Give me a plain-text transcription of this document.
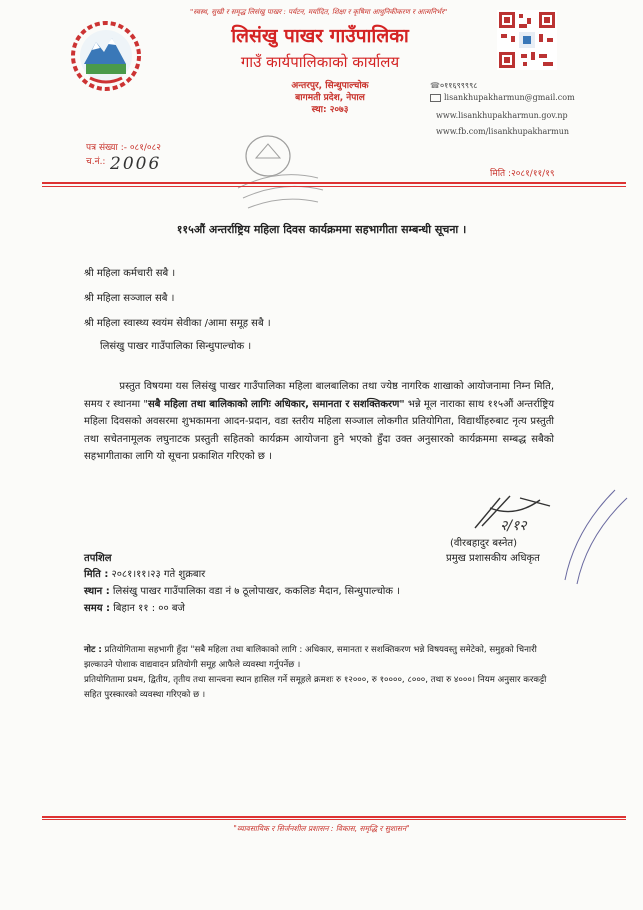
"स्वस्थ, सुखी र समृद्ध लिसंखु पाखर : पर्यटन, मर्यादित, शिक्षा र कृषिमा आधुनिकीकरण र आत्मनिर्भर"
लिसंखु पाखर गाउँपालिका
गाउँ कार्यपालिकाको कार्यालय
अन्तरपुर, सिन्धुपाल्चोक
बागमती प्रदेश, नेपाल
स्था: २०७३
☎०११६९९९९८
lisankhupakharmun@gmail.com
www.lisankhupakharmun.gov.np
www.fb.com/lisankhupakharmun
पत्र संख्या :- ०८१/०८२
च.नं.: 2006	मिति :२०८१/११/१९
११५औं अन्तर्राष्ट्रिय महिला दिवस कार्यक्रममा सहभागीता सम्बन्धी सूचना ।
श्री महिला कर्मचारी सबै ।
श्री महिला सञ्जाल सबै ।
श्री महिला स्वास्थ्य स्वयंम सेवीका /आमा समूह सबै ।
लिसंखु पाखर गाउँपालिका सिन्धुपाल्चोक ।
प्रस्तुत विषयमा यस लिसंखु पाखर गाउँपालिका महिला बालबालिका तथा ज्येष्ठ नागरिक शाखाको आयोजनामा निम्न मिति, समय र स्थानमा "सबै महिला तथा बालिकाको लागिः अधिकार, समानता र सशक्तिकरण" भन्ने मूल नाराका साथ ११५औं अन्तर्राष्ट्रिय महिला दिवसको अवसरमा शुभकामना आदन-प्रदान, वडा स्तरीय महिला सञ्जाल लोकगीत प्रतियोगिता, विद्यार्थीहरुबाट नृत्य प्रस्तुती तथा सचेतनामूलक लघुनाटक प्रस्तुती सहितको कार्यक्रम आयोजना हुने भएको हुँदा उक्त अनुसारको कार्यक्रममा सम्बद्ध सबैको सहभागीताका लागि यो सूचना प्रकाशित गरिएको छ ।
२/१२
(वीरबहादुर बस्नेत)
प्रमुख प्रशासकीय अधिकृत
तपशिल
मिति : २०८१।११।२३ गते शुक्रबार
स्थान : लिसंखु पाखर गाउँपालिका वडा नं ७ ठूलोपाखर, ककलिङ मैदान, सिन्धुपाल्चोक ।
समय : बिहान ११ : ०० बजे
नोट : प्रतियोगितामा सहभागी हुँदा "सबै महिला तथा बालिकाको लागि : अधिकार, समानता र सशक्तिकरण भन्ने विषयवस्तु समेटेको, समुहको चिनारी झल्काउने पोशाक वाद्यवादन प्रतियोगी समूह आफैले व्यवस्था गर्नुपर्नेछ ।
प्रतियोगितामा प्रथम, द्वितीय, तृतीय तथा सान्त्वना स्थान हासिल गर्ने समूहले क्रमशः रु १२०००, रु १००००, ८०००, तथा रु ४०००। नियम अनुसार करकट्टी सहित पुरस्कारको व्यवस्था गरिएको छ ।
"व्यावसायिक र सिर्जनशील प्रशासन : विकास, समृद्धि र सुशासन"
